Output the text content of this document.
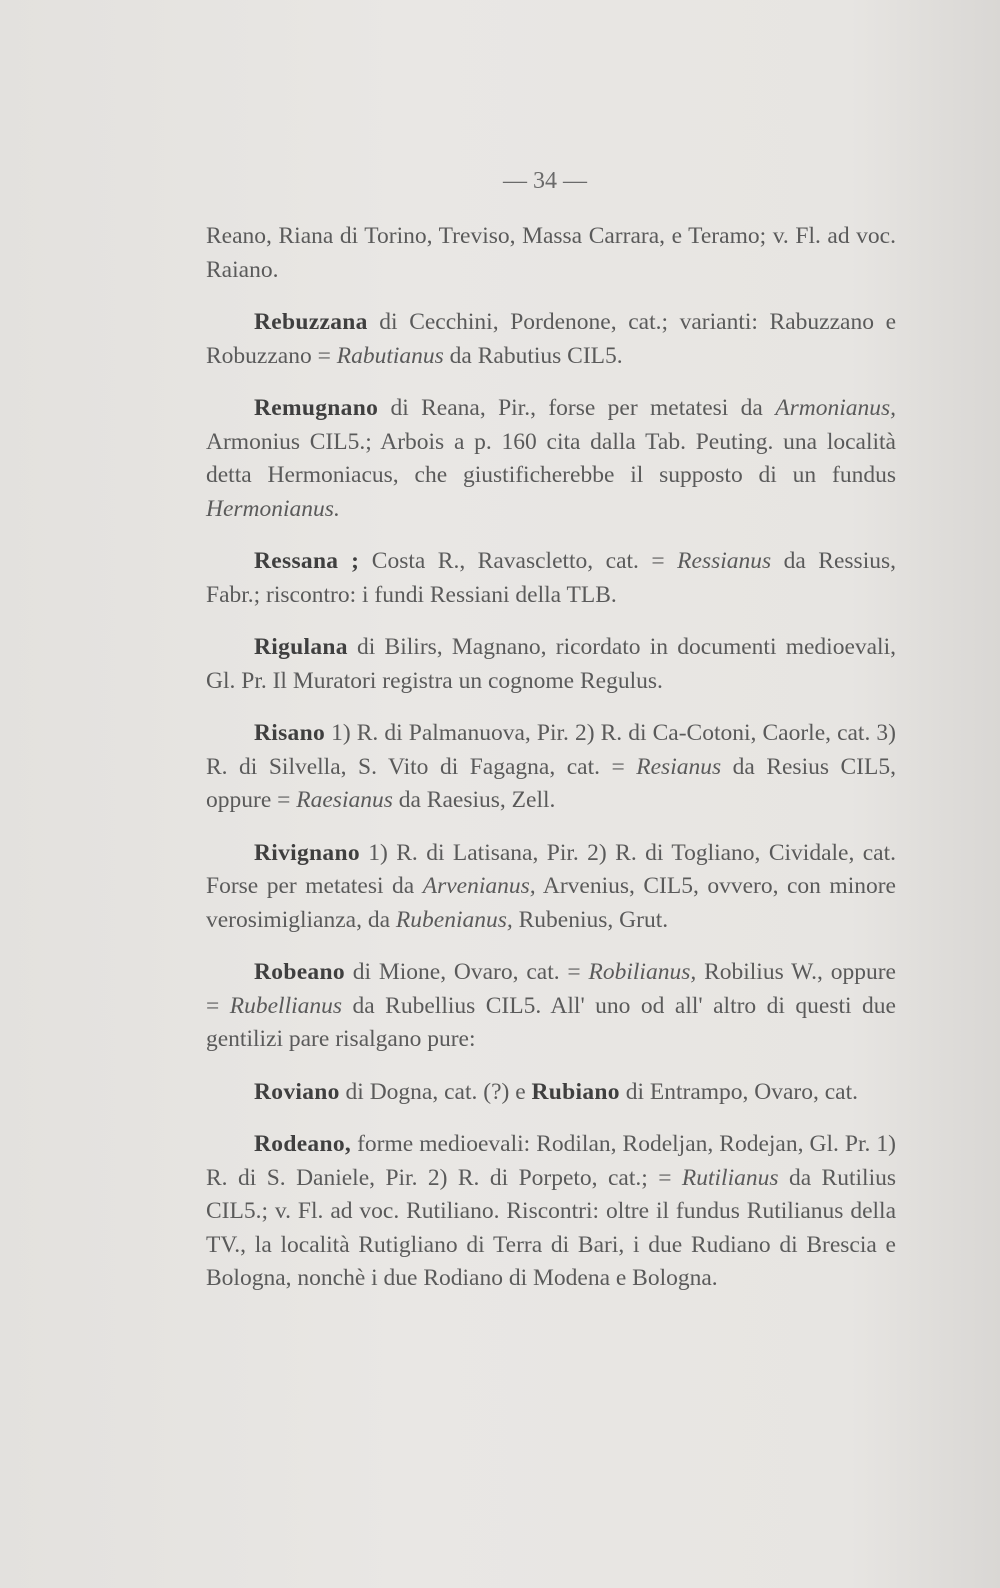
— 34 —

Reano, Riana di Torino, Treviso, Massa Carrara, e Teramo; v. Fl. ad voc. Raiano.

Rebuzzana di Cecchini, Pordenone, cat.; varianti: Rabuzzano e Robuzzano = Rabutianus da Rabutius CIL5.

Remugnano di Reana, Pir., forse per metatesi da Armonianus, Armonius CIL5.; Arbois a p. 160 cita dalla Tab. Peuting. una località detta Hermoniacus, che giustificherebbe il supposto di un fundus Hermonianus.

Ressana ; Costa R., Ravascletto, cat. = Ressianus da Ressius, Fabr.; riscontro: i fundi Ressiani della TLB.

Rigulana di Bilirs, Magnano, ricordato in documenti medioevali, Gl. Pr. Il Muratori registra un cognome Regulus.

Risano 1) R. di Palmanuova, Pir. 2) R. di Ca-Cotoni, Caorle, cat. 3) R. di Silvella, S. Vito di Fagagna, cat. = Resianus da Resius CIL5, oppure = Raesianus da Raesius, Zell.

Rivignano 1) R. di Latisana, Pir. 2) R. di Togliano, Cividale, cat. Forse per metatesi da Arvenianus, Arvenius, CIL5, ovvero, con minore verosimiglianza, da Rubenianus, Rubenius, Grut.

Robeano di Mione, Ovaro, cat. = Robilianus, Robilius W., oppure = Rubellianus da Rubellius CIL5. All' uno od all' altro di questi due gentilizi pare risalgano pure:

Roviano di Dogna, cat. (?) e Rubiano di Entrampo, Ovaro, cat.

Rodeano, forme medioevali: Rodilan, Rodeljan, Rodejan, Gl. Pr. 1) R. di S. Daniele, Pir. 2) R. di Porpeto, cat.; = Rutilianus da Rutilius CIL5.; v. Fl. ad voc. Rutiliano. Riscontri: oltre il fundus Rutilianus della TV., la località Rutigliano di Terra di Bari, i due Rudiano di Brescia e Bologna, nonchè i due Rodiano di Modena e Bologna.
